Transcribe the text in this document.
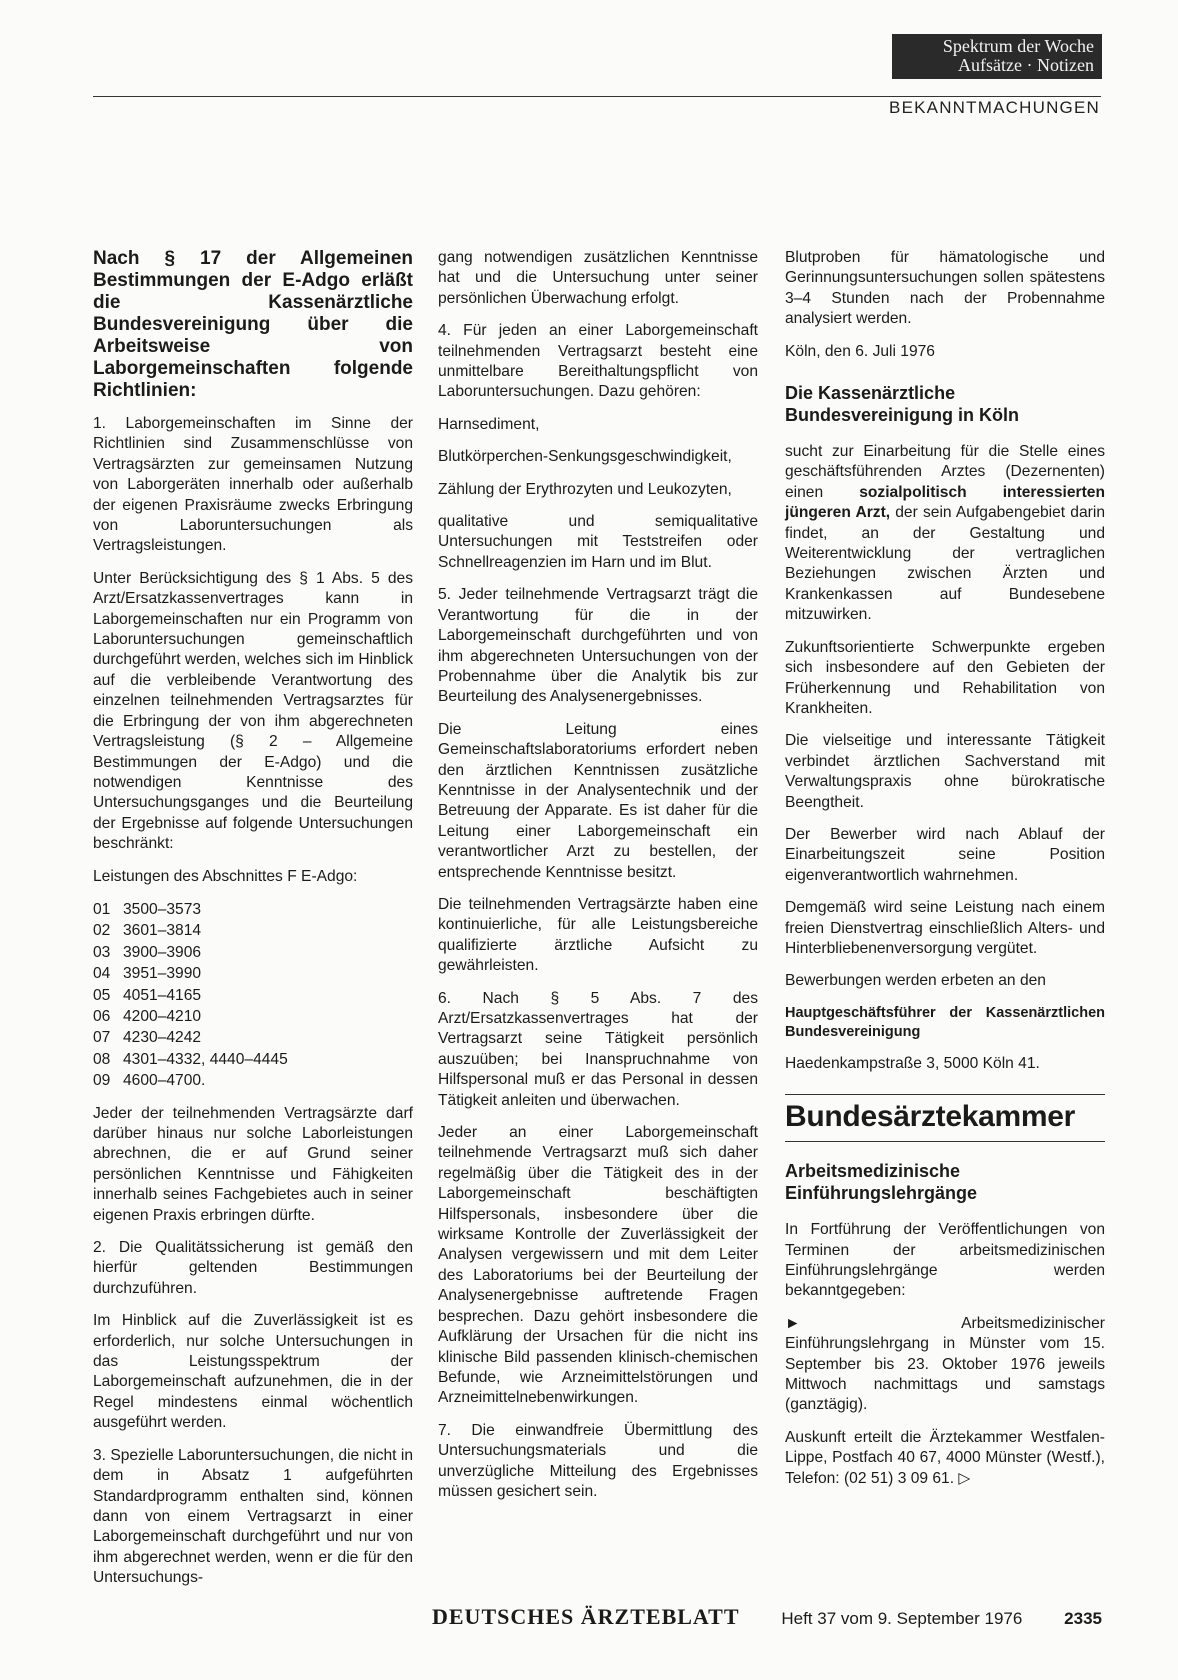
Spektrum der Woche
Aufsätze · Notizen
BEKANNTMACHUNGEN

Nach § 17 der Allgemeinen Bestimmungen der E-Adgo erläßt die Kassenärztliche Bundesvereinigung über die Arbeitsweise von Laborgemeinschaften folgende Richtlinien:

1. Laborgemeinschaften im Sinne der Richtlinien sind Zusammenschlüsse von Vertragsärzten zur gemeinsamen Nutzung von Laborgeräten innerhalb oder außerhalb der eigenen Praxisräume zwecks Erbringung von Laboruntersuchungen als Vertragsleistungen.

Unter Berücksichtigung des § 1 Abs. 5 des Arzt/Ersatzkassenvertrages kann in Laborgemeinschaften nur ein Programm von Laboruntersuchungen gemeinschaftlich durchgeführt werden, welches sich im Hinblick auf die verbleibende Verantwortung des einzelnen teilnehmenden Vertragsarztes für die Erbringung der von ihm abgerechneten Vertragsleistung (§ 2 – Allgemeine Bestimmungen der E-Adgo) und die notwendigen Kenntnisse des Untersuchungsganges und die Beurteilung der Ergebnisse auf folgende Untersuchungen beschränkt:

Leistungen des Abschnittes F E-Adgo:

01 3500–3573
02 3601–3814
03 3900–3906
04 3951–3990
05 4051–4165
06 4200–4210
07 4230–4242
08 4301–4332, 4440–4445
09 4600–4700.

Jeder der teilnehmenden Vertragsärzte darf darüber hinaus nur solche Laborleistungen abrechnen, die er auf Grund seiner persönlichen Kenntnisse und Fähigkeiten innerhalb seines Fachgebietes auch in seiner eigenen Praxis erbringen dürfte.

2. Die Qualitätssicherung ist gemäß den hierfür geltenden Bestimmungen durchzuführen.

Im Hinblick auf die Zuverlässigkeit ist es erforderlich, nur solche Untersuchungen in das Leistungsspektrum der Laborgemeinschaft aufzunehmen, die in der Regel mindestens einmal wöchentlich ausgeführt werden.

3. Spezielle Laboruntersuchungen, die nicht in dem in Absatz 1 aufgeführten Standardprogramm enthalten sind, können dann von einem Vertragsarzt in einer Laborgemeinschaft durchgeführt und nur von ihm abgerechnet werden, wenn er die für den Untersuchungs-

gang notwendigen zusätzlichen Kenntnisse hat und die Untersuchung unter seiner persönlichen Überwachung erfolgt.

4. Für jeden an einer Laborgemeinschaft teilnehmenden Vertragsarzt besteht eine unmittelbare Bereithaltungspflicht von Laboruntersuchungen. Dazu gehören:

Harnsediment,

Blutkörperchen-Senkungsgeschwindigkeit,

Zählung der Erythrozyten und Leukozyten,

qualitative und semiqualitative Untersuchungen mit Teststreifen oder Schnellreagenzien im Harn und im Blut.

5. Jeder teilnehmende Vertragsarzt trägt die Verantwortung für die in der Laborgemeinschaft durchgeführten und von ihm abgerechneten Untersuchungen von der Probennahme über die Analytik bis zur Beurteilung des Analysenergebnisses.

Die Leitung eines Gemeinschaftslaboratoriums erfordert neben den ärztlichen Kenntnissen zusätzliche Kenntnisse in der Analysentechnik und der Betreuung der Apparate. Es ist daher für die Leitung einer Laborgemeinschaft ein verantwortlicher Arzt zu bestellen, der entsprechende Kenntnisse besitzt.

Die teilnehmenden Vertragsärzte haben eine kontinuierliche, für alle Leistungsbereiche qualifizierte ärztliche Aufsicht zu gewährleisten.

6. Nach § 5 Abs. 7 des Arzt/Ersatzkassenvertrages hat der Vertragsarzt seine Tätigkeit persönlich auszuüben; bei Inanspruchnahme von Hilfspersonal muß er das Personal in dessen Tätigkeit anleiten und überwachen.

Jeder an einer Laborgemeinschaft teilnehmende Vertragsarzt muß sich daher regelmäßig über die Tätigkeit des in der Laborgemeinschaft beschäftigten Hilfspersonals, insbesondere über die wirksame Kontrolle der Zuverlässigkeit der Analysen vergewissern und mit dem Leiter des Laboratoriums bei der Beurteilung der Analysenergebnisse auftretende Fragen besprechen. Dazu gehört insbesondere die Aufklärung der Ursachen für die nicht ins klinische Bild passenden klinisch-chemischen Befunde, wie Arzneimittelstörungen und Arzneimittelnebenwirkungen.

7. Die einwandfreie Übermittlung des Untersuchungsmaterials und die unverzügliche Mitteilung des Ergebnisses müssen gesichert sein.

Blutproben für hämatologische und Gerinnungsuntersuchungen sollen spätestens 3–4 Stunden nach der Probennahme analysiert werden.

Köln, den 6. Juli 1976

Die Kassenärztliche Bundesvereinigung in Köln

sucht zur Einarbeitung für die Stelle eines geschäftsführenden Arztes (Dezernenten) einen sozialpolitisch interessierten jüngeren Arzt, der sein Aufgabengebiet darin findet, an der Gestaltung und Weiterentwicklung der vertraglichen Beziehungen zwischen Ärzten und Krankenkassen auf Bundesebene mitzuwirken.

Zukunftsorientierte Schwerpunkte ergeben sich insbesondere auf den Gebieten der Früherkennung und Rehabilitation von Krankheiten.

Die vielseitige und interessante Tätigkeit verbindet ärztlichen Sachverstand mit Verwaltungspraxis ohne bürokratische Beengtheit.

Der Bewerber wird nach Ablauf der Einarbeitungszeit seine Position eigenverantwortlich wahrnehmen.

Demgemäß wird seine Leistung nach einem freien Dienstvertrag einschließlich Alters- und Hinterbliebenenversorgung vergütet.

Bewerbungen werden erbeten an den

Hauptgeschäftsführer der Kassenärztlichen Bundesvereinigung

Haedenkampstraße 3, 5000 Köln 41.

Bundesärztekammer
Arbeitsmedizinische Einführungslehrgänge

In Fortführung der Veröffentlichungen von Terminen der arbeitsmedizinischen Einführungslehrgänge werden bekanntgegeben:

►	Arbeitsmedizinischer Einführungslehrgang in Münster vom 15. September bis 23. Oktober 1976 jeweils Mittwoch nachmittags und samstags (ganztägig).

Auskunft erteilt die Ärztekammer Westfalen-Lippe, Postfach 40 67, 4000 Münster (Westf.), Telefon: (02 51) 3 09 61. ▷

DEUTSCHES ÄRZTEBLATT Heft 37 vom 9. September 1976 2335
